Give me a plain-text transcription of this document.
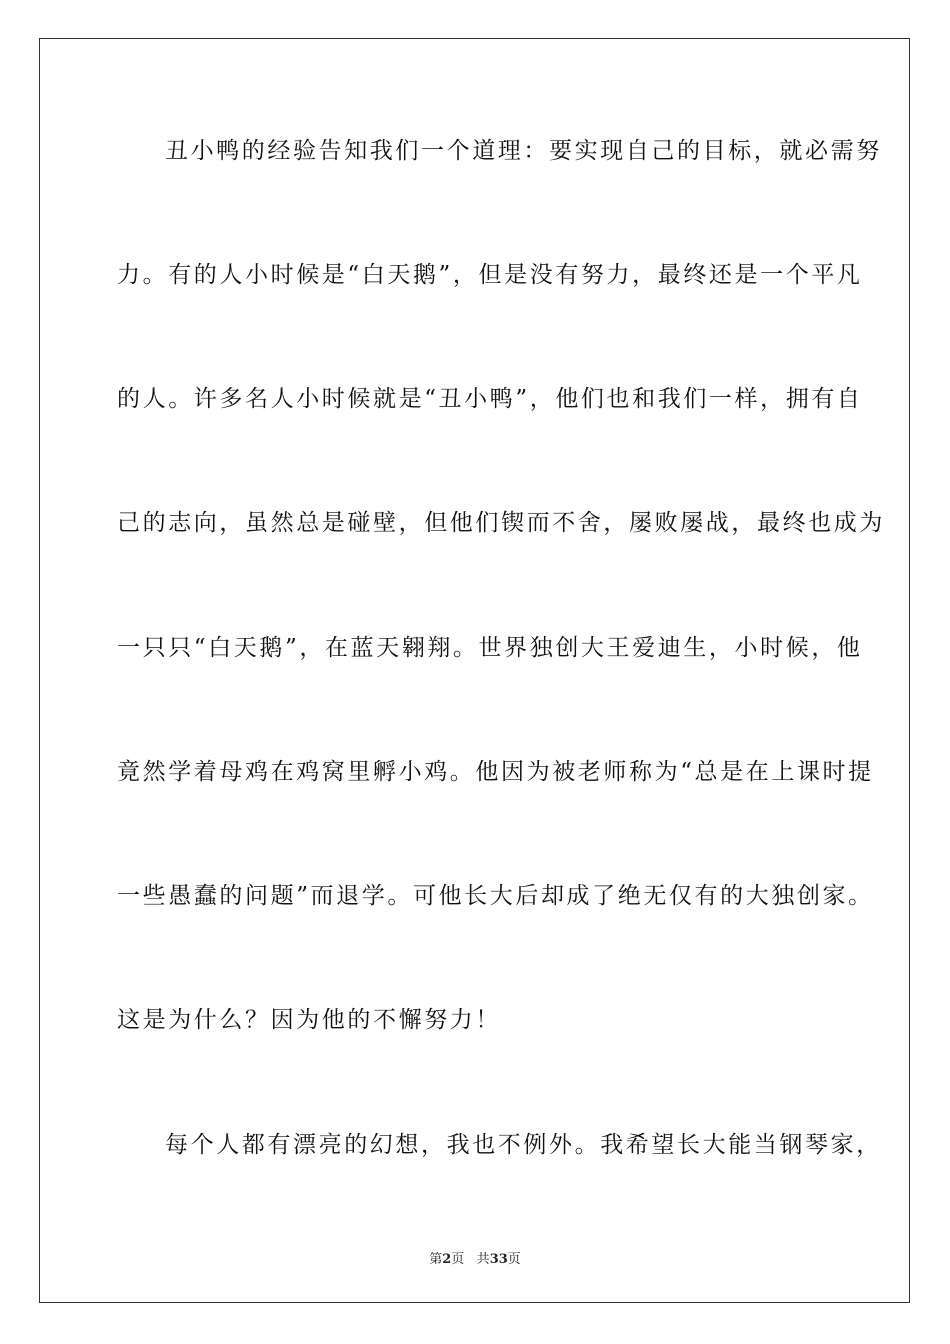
丑小鸭的经验告知我们一个道理：要实现自己的目标，就必需努
力。有的人小时候是“白天鹅”，但是没有努力，最终还是一个平凡
的人。许多名人小时候就是“丑小鸭”，他们也和我们一样，拥有自
己的志向，虽然总是碰壁，但他们锲而不舍，屡败屡战，最终也成为
一只只“白天鹅”，在蓝天翱翔。世界独创大王爱迪生，小时候，他
竟然学着母鸡在鸡窝里孵小鸡。他因为被老师称为“总是在上课时提
一些愚蠢的问题”而退学。可他长大后却成了绝无仅有的大独创家。
这是为什么？因为他的不懈努力！
每个人都有漂亮的幻想，我也不例外。我希望长大能当钢琴家，
第2页 共33页
